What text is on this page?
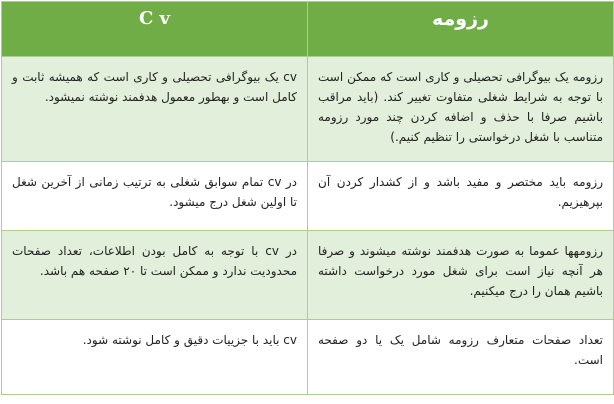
رزومه	C v

رزومه یک بیوگرافی تحصیلی و کاری است که ممکن است با توجه به شرایط شغلی متفاوت تغییر کند. (باید مراقب باشیم صرفا با حذف و اضافه کردن چند مورد رزومه متناسب با شغل درخواستی را تنظیم کنیم.)	cv یک بیوگرافی تحصیلی و کاری است که همیشه ثابت و کامل است و بهطور معمول هدفمند نوشته نمیشود.

رزومه باید مختصر و مفید باشد و از کشدار کردن آن بپرهیزیم.	در cv تمام سوابق شغلی به ترتیب زمانی از آخرین شغل تا اولین شغل درج میشود.

رزومهها عموما به صورت هدفمند نوشته میشوند و صرفا هر آنچه نیاز است برای شغل مورد درخواست داشته باشیم همان را درج میکنیم.	در cv با توجه به کامل بودن اطلاعات، تعداد صفحات محدودیت ندارد و ممکن است تا ۲۰ صفحه هم باشد.

تعداد صفحات متعارف رزومه شامل یک یا دو صفحه است.	cv باید با جزییات دقیق و کامل نوشته شود.
